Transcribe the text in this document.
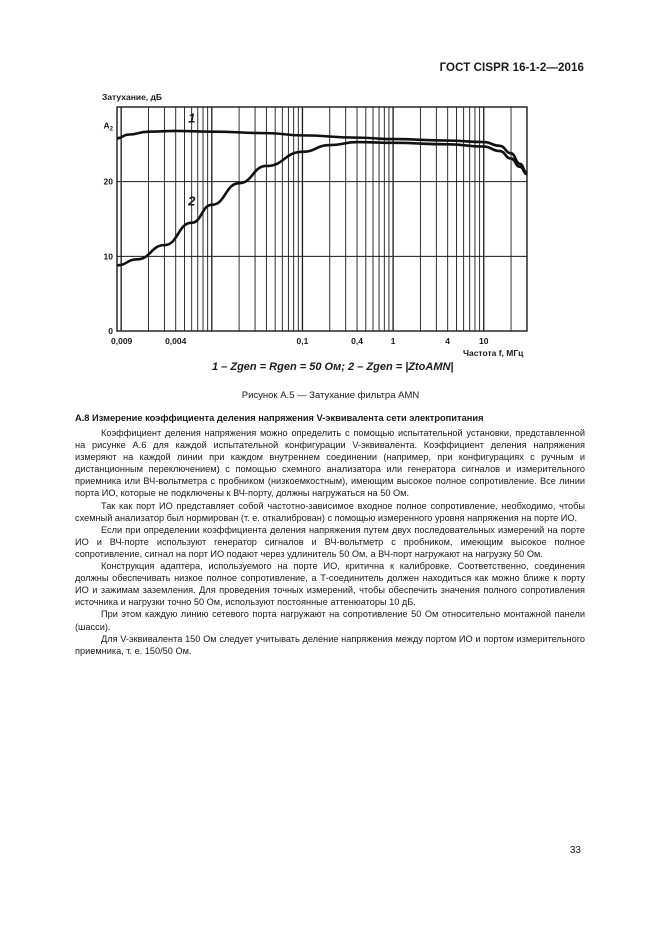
ГОСТ CISPR 16-1-2—2016
0
10
20
$A_2$
0,009	0,004	0,1	0,4	1	4	10
1
2
Затухание, дБ
Частота f, МГц
1 – Zgen = Rgen = 50 Ом; 2 – Zgen = |ZtoAMN|
Рисунок А.5 — Затухание фильтра AMN
А.8 Измерение коэффициента деления напряжения V-эквивалента сети электропитания

Коэффициент деления напряжения можно определить с помощью испытательной установки, представленной на рисунке А.6 для каждой испытательной конфигурации V-эквивалента. Коэффициент деления напряжения измеряют на каждой линии при каждом внутреннем соединении (например, при конфигурациях с ручным и дистанционным переключением) с помощью схемного анализатора или генератора сигналов и измерительного приемника или ВЧ-вольтметра с пробником (низкоемкостным), имеющим высокое полное сопротивление. Все линии порта ИО, которые не подключены к ВЧ-порту, должны нагружаться на 50 Ом.

Так как порт ИО представляет собой частотно-зависимое входное полное сопротивление, необходимо, чтобы схемный анализатор был нормирован (т. е. откалиброван) с помощью измеренного уровня напряжения на порте ИО.

Если при определении коэффициента деления напряжения путем двух последовательных измерений на порте ИО и ВЧ-порте используют генератор сигналов и ВЧ-вольтметр с пробником, имеющим высокое полное сопротивление, сигнал на порт ИО подают через удлинитель 50 Ом, а ВЧ-порт нагружают на нагрузку 50 Ом.

Конструкция адаптера, используемого на порте ИО, критична к калибровке. Соответственно, соединения должны обеспечивать низкое полное сопротивление, а Т-соединитель должен находиться как можно ближе к порту ИО и зажимам заземления. Для проведения точных измерений, чтобы обеспечить значения полного сопротивления источника и нагрузки точно 50 Ом, используют постоянные аттенюаторы 10 дБ.

При этом каждую линию сетевого порта нагружают на сопротивление 50 Ом относительно монтажной панели (шасси).

Для V-эквивалента 150 Ом следует учитывать деление напряжения между портом ИО и портом измерительного приемника, т. е. 150/50 Ом.

33
